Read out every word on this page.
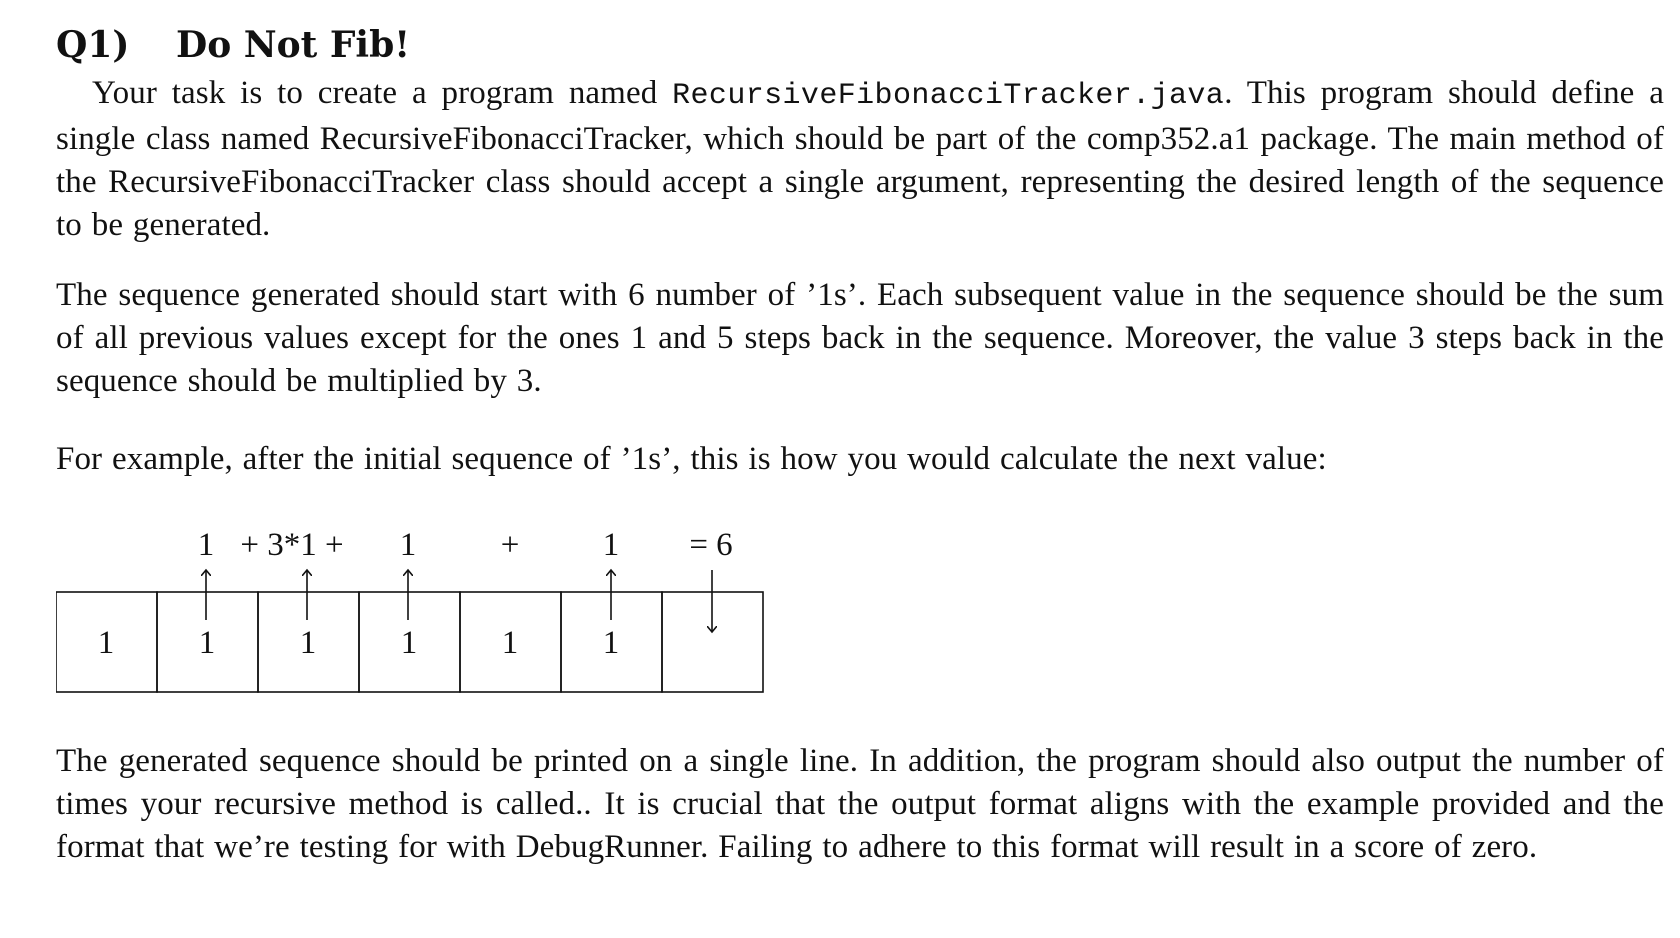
Q1) Do Not Fib!

Your task is to create a program named RecursiveFibonacciTracker.java. This program should define a single class named RecursiveFibonacciTracker, which should be part of the comp352.a1 package. The main method of the RecursiveFibonacciTracker class should accept a single argument, representing the desired length of the sequence to be generated.

The sequence generated should start with 6 number of ’1s’. Each subsequent value in the sequence should be the sum of all previous values except for the ones 1 and 5 steps back in the sequence. Moreover, the value 3 steps back in the sequence should be multiplied by 3.

For example, after the initial sequence of ’1s’, this is how you would calculate the next value:

1 + 3*1 + 1	+	1 = 6
1	1	1	1	1	1

The generated sequence should be printed on a single line. In addition, the program should also output the number of times your recursive method is called.. It is crucial that the output format aligns with the example provided and the format that we’re testing for with DebugRunner. Failing to adhere to this format will result in a score of zero.
